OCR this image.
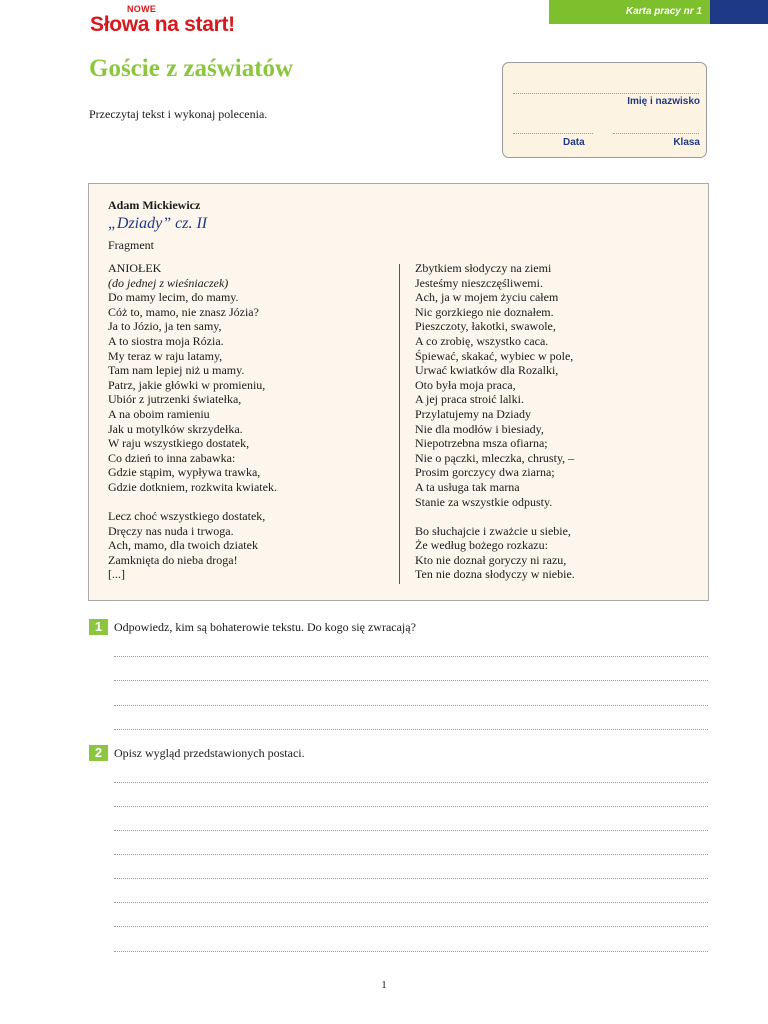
NOWE
Słowa na start!
Karta pracy nr 1
Goście z zaświatów
Przeczytaj tekst i wykonaj polecenia.
Imię i nazwisko
Data	Klasa
Adam Mickiewicz
„Dziady” cz. II
Fragment
ANIOŁEK
(do jednej z wieśniaczek)
Do mamy lecim, do mamy.
Cóż to, mamo, nie znasz Józia?
Ja to Józio, ja ten samy,
A to siostra moja Rózia.
My teraz w raju latamy,
Tam nam lepiej niż u mamy.
Patrz, jakie główki w promieniu,
Ubiór z jutrzenki światełka,
A na oboim ramieniu
Jak u motylków skrzydełka.
W raju wszystkiego dostatek,
Co dzień to inna zabawka:
Gdzie stąpim, wypływa trawka,
Gdzie dotkniem, rozkwita kwiatek.
Lecz choć wszystkiego dostatek,
Dręczy nas nuda i trwoga.
Ach, mamo, dla twoich dziatek
Zamknięta do nieba droga!
[...]
Zbytkiem słodyczy na ziemi
Jesteśmy nieszczęśliwemi.
Ach, ja w mojem życiu całem
Nic gorzkiego nie doznałem.
Pieszczoty, łakotki, swawole,
A co zrobię, wszystko caca.
Śpiewać, skakać, wybiec w pole,
Urwać kwiatków dla Rozalki,
Oto była moja praca,
A jej praca stroić lalki.
Przylatujemy na Dziady
Nie dla modłów i biesiady,
Niepotrzebna msza ofiarna;
Nie o pączki, mleczka, chrusty, –
Prosim gorczycy dwa ziarna;
A ta usługa tak marna
Stanie za wszystkie odpusty.
Bo słuchajcie i zważcie u siebie,
Że według bożego rozkazu:
Kto nie doznał goryczy ni razu,
Ten nie dozna słodyczy w niebie.
1 Odpowiedz, kim są bohaterowie tekstu. Do kogo się zwracają?
2 Opisz wygląd przedstawionych postaci.
1
